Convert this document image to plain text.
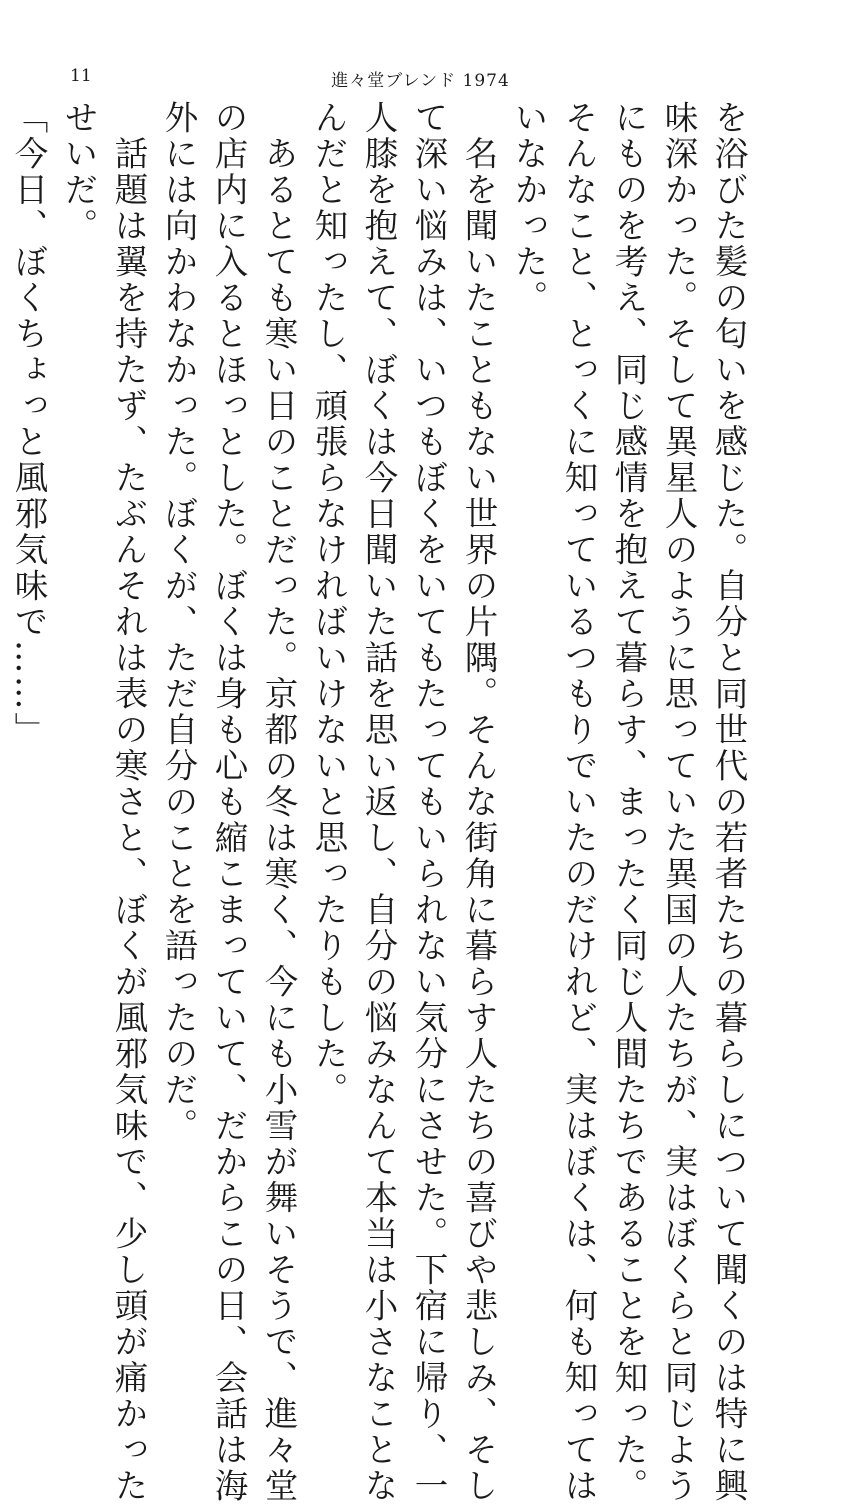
11	進々堂ブレンド 1974
を浴びた髪の匂いを感じた。自分と同世代の若者たちの暮らしについて聞くのは特に興
味深かった。そして異星人のように思っていた異国の人たちが、実はぼくらと同じよう
にものを考え、同じ感情を抱えて暮らす、まったく同じ人間たちであることを知った。
そんなこと、とっくに知っているつもりでいたのだけれど、実はぼくは、何も知っては
いなかった。
　名を聞いたこともない世界の片隅。そんな街角に暮らす人たちの喜びや悲しみ、そし
て深い悩みは、いつもぼくをいてもたってもいられない気分にさせた。下宿に帰り、一
人膝を抱えて、ぼくは今日聞いた話を思い返し、自分の悩みなんて本当は小さなことな
んだと知ったし、頑張らなければいけないと思ったりもした。
　あるとても寒い日のことだった。京都の冬は寒く、今にも小雪が舞いそうで、進々堂
の店内に入るとほっとした。ぼくは身も心も縮こまっていて、だからこの日、会話は海
外には向かわなかった。ぼくが、ただ自分のことを語ったのだ。
　話題は翼を持たず、たぶんそれは表の寒さと、ぼくが風邪気味で、少し頭が痛かった
せいだ。
「今日、ぼくちょっと風邪気味で……」
